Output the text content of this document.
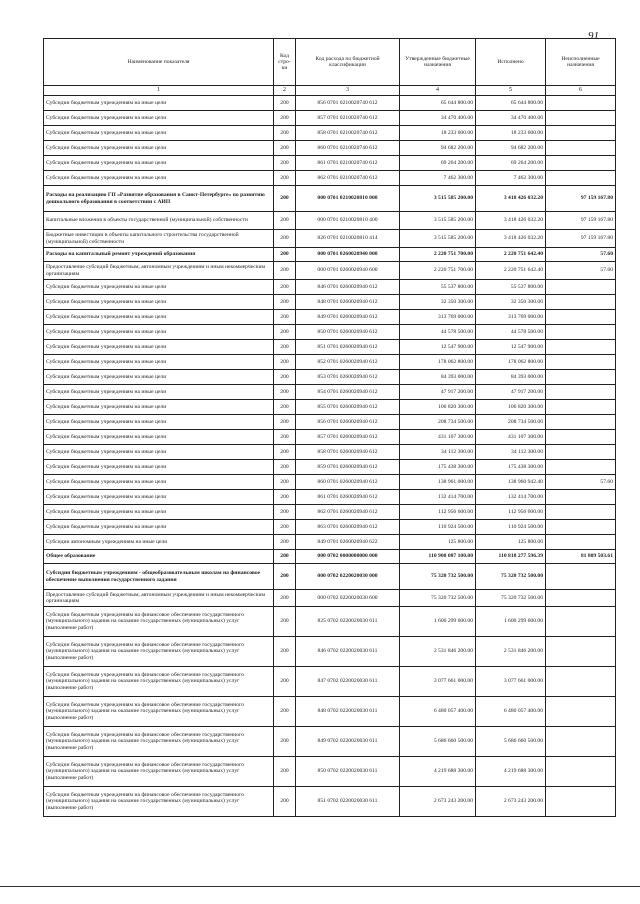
91
Наименование показателя	Код стро-ки	Код расхода по бюджетной классификации	Утвержденные бюджетные назначения	Исполнено	Неисполненные назначения
1	2	3	4	5	6
Субсидии бюджетным учреждениям на иные цели	200	856 0701 0210020740 612	65 644 800.00	65 644 800.00	
Субсидии бюджетным учреждениям на иные цели	200	857 0701 0210020740 612	34 470 400.00	34 470 400.00	
Субсидии бюджетным учреждениям на иные цели	200	858 0701 0210020740 612	18 233 600.00	18 233 600.00	
Субсидии бюджетным учреждениям на иные цели	200	860 0701 0210020740 612	94 682 200.00	94 682 200.00	
Субсидии бюджетным учреждениям на иные цели	200	861 0701 0210020740 612	69 264 200.00	69 264 200.00	
Субсидии бюджетным учреждениям на иные цели	200	862 0701 0210020740 612	7 462 300.00	7 462 300.00	
Расходы на реализацию ГП «Развитие образования в Санкт-Петербурге» по развитию дошкольного образования в соответствии с АИП	200	000 0701 0210020810 000	3 515 585 200.00	3 418 426 032.20	97 159 167.80
Капитальные вложения в объекты государственной (муниципальной) собственности	200	000 0701 0210020810 400	3 515 585 200.00	3 418 426 032.20	97 159 167.80
Бюджетные инвестиции в объекты капитального строительства государственной (муниципальной) собственности	200	826 0701 0210020810 414	3 515 585 200.00	3 418 426 032.20	97 159 167.80
Расходы на капитальный ремонт учреждений образования	200	000 0701 0260020940 000	2 220 751 700.00	2 220 751 642.40	57.60
Предоставление субсидий бюджетным, автономным учреждениям и иным некоммерческим организациям	200	000 0701 0260020940 600	2 220 751 700.00	2 220 751 642.40	57.60
Субсидии бюджетным учреждениям на иные цели	200	846 0701 0260020940 612	55 537 800.00	55 537 800.00	
Субсидии бюджетным учреждениям на иные цели	200	848 0701 0260020940 612	32 350 300.00	32 350 300.00	
Субсидии бюджетным учреждениям на иные цели	200	849 0701 0260020940 612	313 769 000.00	313 769 000.00	
Субсидии бюджетным учреждениям на иные цели	200	850 0701 0260020940 612	44 578 500.00	44 578 500.00	
Субсидии бюджетным учреждениям на иные цели	200	851 0701 0260020940 612	12 547 900.00	12 547 900.00	
Субсидии бюджетным учреждениям на иные цели	200	852 0701 0260020940 612	178 062 800.00	178 062 800.00	
Субсидии бюджетным учреждениям на иные цели	200	853 0701 0260020940 612	84 393 000.00	84 393 000.00	
Субсидии бюджетным учреждениям на иные цели	200	854 0701 0260020940 612	47 917 200.00	47 917 200.00	
Субсидии бюджетным учреждениям на иные цели	200	855 0701 0260020940 612	106 820 300.00	106 820 300.00	
Субсидии бюджетным учреждениям на иные цели	200	856 0701 0260020940 612	208 734 500.00	208 734 500.00	
Субсидии бюджетным учреждениям на иные цели	200	857 0701 0260020940 612	431 107 300.00	431 107 300.00	
Субсидии бюджетным учреждениям на иные цели	200	858 0701 0260020940 612	34 112 300.00	34 112 300.00	
Субсидии бюджетным учреждениям на иные цели	200	859 0701 0260020940 612	175 438 300.00	175 438 300.00	
Субсидии бюджетным учреждениям на иные цели	200	860 0701 0260020940 612	138 961 000.00	138 960 942.40	57.60
Субсидии бюджетным учреждениям на иные цели	200	861 0701 0260020940 612	132 414 700.00	132 414 700.00	
Субсидии бюджетным учреждениям на иные цели	200	862 0701 0260020940 612	112 956 600.00	112 956 600.00	
Субсидии бюджетным учреждениям на иные цели	200	863 0701 0260020940 612	110 924 500.00	110 924 500.00	
Субсидии автономным учреждениям на иные цели	200	849 0701 0260020940 622	125 800.00	125 800.00	
Общее образование	200	000 0702 0000000000 000	110 900 087 100.00	110 818 277 596.39	81 809 503.61
Субсидии бюджетным учреждениям - общеобразовательным школам на финансовое обеспечение выполнения государственного задания	200	000 0702 0220020030 000	75 320 732 500.00	75 320 732 500.00	
Предоставление субсидий бюджетным, автономным учреждениям и иным некоммерческим организациям	200	000 0702 0220020030 600	75 320 732 500.00	75 320 732 500.00	
Субсидии бюджетным учреждениям на финансовое обеспечение государственного (муниципального) задания на оказание государственных (муниципальных) услуг (выполнение работ)	200	825 0702 0220020030 611	1 600 299 600.00	1 600 299 600.00	
Субсидии бюджетным учреждениям на финансовое обеспечение государственного (муниципального) задания на оказание государственных (муниципальных) услуг (выполнение работ)	200	846 0702 0220020030 611	2 531 846 200.00	2 531 846 200.00	
Субсидии бюджетным учреждениям на финансовое обеспечение государственного (муниципального) задания на оказание государственных (муниципальных) услуг (выполнение работ)	200	847 0702 0220020030 611	3 077 661 000.00	3 077 661 000.00	
Субсидии бюджетным учреждениям на финансовое обеспечение государственного (муниципального) задания на оказание государственных (муниципальных) услуг (выполнение работ)	200	848 0702 0220020030 611	6 480 057 400.00	6 480 057 400.00	
Субсидии бюджетным учреждениям на финансовое обеспечение государственного (муниципального) задания на оказание государственных (муниципальных) услуг (выполнение работ)	200	849 0702 0220020030 611	5 686 660 500.00	5 686 660 500.00	
Субсидии бюджетным учреждениям на финансовое обеспечение государственного (муниципального) задания на оказание государственных (муниципальных) услуг (выполнение работ)	200	850 0702 0220020030 611	4 219 688 300.00	4 219 688 300.00	
Субсидии бюджетным учреждениям на финансовое обеспечение государственного (муниципального) задания на оказание государственных (муниципальных) услуг (выполнение работ)	200	851 0702 0220020030 611	2 673 243 200.00	2 673 243 200.00	
